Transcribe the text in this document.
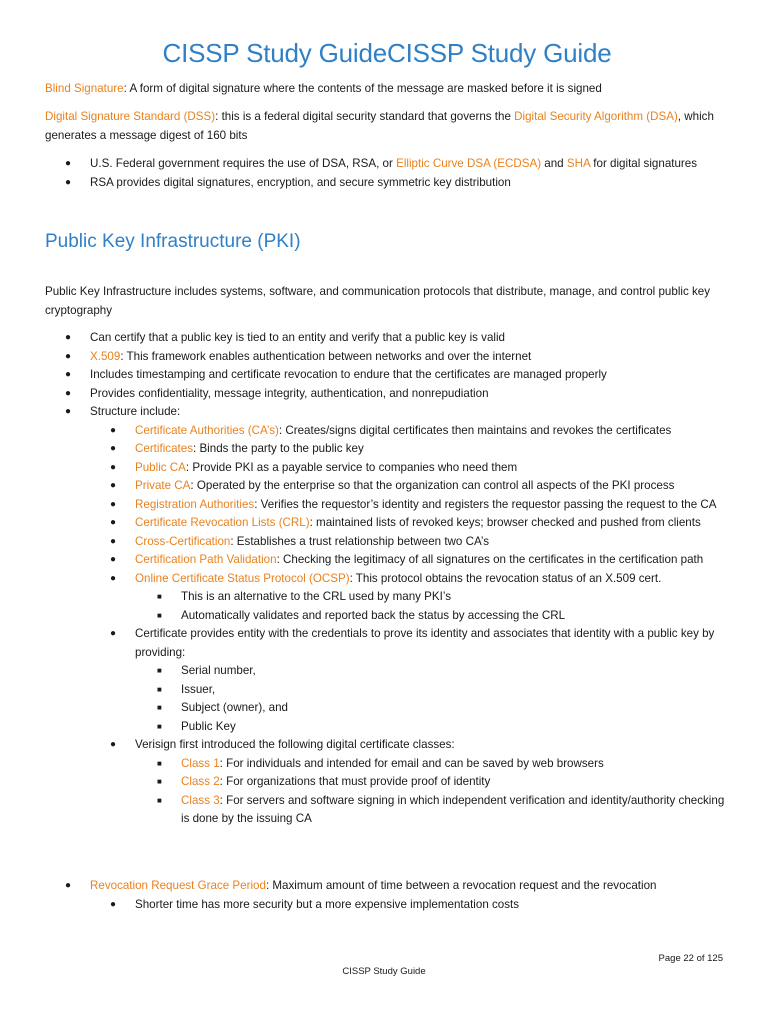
CISSP Study GuideCISSP Study Guide
Blind Signature: A form of digital signature where the contents of the message are masked before it is signed
Digital Signature Standard (DSS): this is a federal digital security standard that governs the Digital Security Algorithm (DSA), which generates a message digest of 160 bits
● U.S. Federal government requires the use of DSA, RSA, or Elliptic Curve DSA (ECDSA) and SHA for digital signatures
● RSA provides digital signatures, encryption, and secure symmetric key distribution
Public Key Infrastructure (PKI)
Public Key Infrastructure includes systems, software, and communication protocols that distribute, manage, and control public key cryptography
● Can certify that a public key is tied to an entity and verify that a public key is valid
● X.509: This framework enables authentication between networks and over the internet
● Includes timestamping and certificate revocation to endure that the certificates are managed properly
● Provides confidentiality, message integrity, authentication, and nonrepudiation
● Structure include:
● Certificate Authorities (CA’s): Creates/signs digital certificates then maintains and revokes the certificates
● Certificates: Binds the party to the public key
● Public CA: Provide PKI as a payable service to companies who need them
● Private CA: Operated by the enterprise so that the organization can control all aspects of the PKI process
● Registration Authorities: Verifies the requestor’s identity and registers the requestor passing the request to the CA
● Certificate Revocation Lists (CRL): maintained lists of revoked keys; browser checked and pushed from clients
● Cross-Certification: Establishes a trust relationship between two CA’s
● Certification Path Validation: Checking the legitimacy of all signatures on the certificates in the certification path
● Online Certificate Status Protocol (OCSP): This protocol obtains the revocation status of an X.509 cert.
■ This is an alternative to the CRL used by many PKI’s
■ Automatically validates and reported back the status by accessing the CRL
● Certificate provides entity with the credentials to prove its identity and associates that identity with a public key by providing:
■ Serial number,
■ Issuer,
■ Subject (owner), and
■ Public Key
● Verisign first introduced the following digital certificate classes:
■ Class 1: For individuals and intended for email and can be saved by web browsers
■ Class 2: For organizations that must provide proof of identity
■ Class 3: For servers and software signing in which independent verification and identity/authority checking is done by the issuing CA
● Revocation Request Grace Period: Maximum amount of time between a revocation request and the revocation
● Shorter time has more security but a more expensive implementation costs
Page 22 of 125
CISSP Study Guide
